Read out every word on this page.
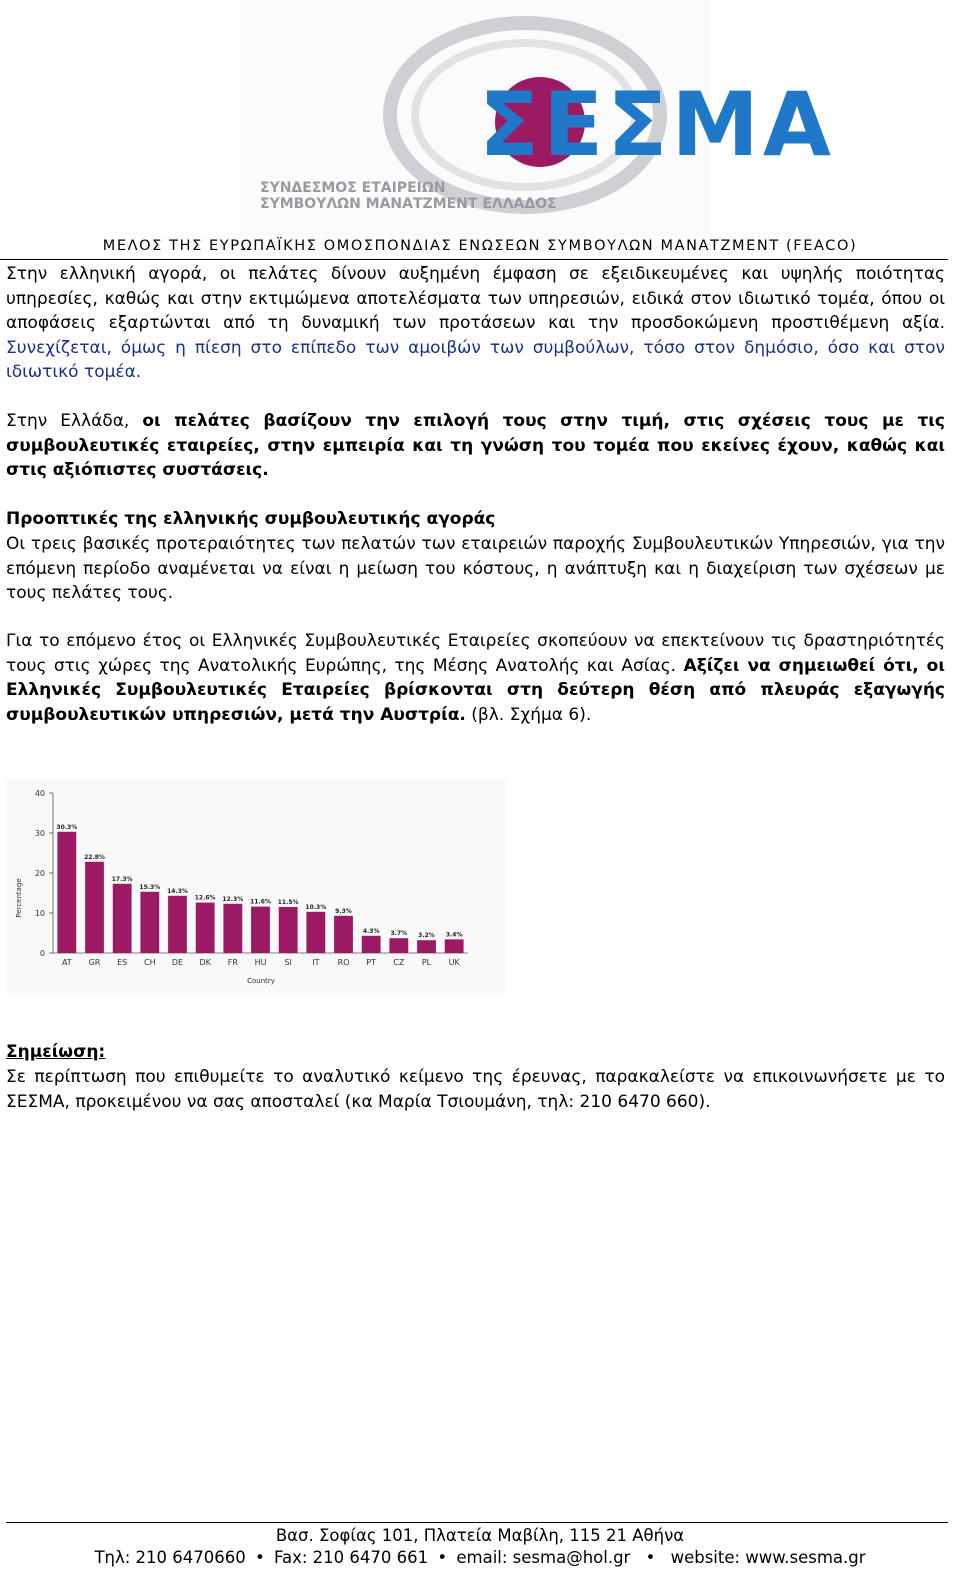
ΣΕΣΜΑ
ΣΥΝΔΕΣΜΟΣ ΕΤΑΙΡΕΙΩΝ
ΣΥΜΒΟΥΛΩΝ ΜΑΝΑΤΖΜΕΝΤ ΕΛΛΑΔΟΣ
ΜΕΛΟΣ ΤΗΣ ΕΥΡΩΠΑΪΚΗΣ ΟΜΟΣΠΟΝΔΙΑΣ ΕΝΩΣΕΩΝ ΣΥΜΒΟΥΛΩΝ ΜΑΝΑΤΖΜΕΝΤ (FEACO)
Στην ελληνική αγορά, οι πελάτες δίνουν αυξημένη έμφαση σε εξειδικευμένες και υψηλής ποιότητας υπηρεσίες, καθώς και στην εκτιμώμενα αποτελέσματα των υπηρεσιών, ειδικά στον ιδιωτικό τομέα, όπου οι αποφάσεις εξαρτώνται από τη δυναμική των προτάσεων και την προσδοκώμενη προστιθέμενη αξία. Συνεχίζεται, όμως η πίεση στο επίπεδο των αμοιβών των συμβούλων, τόσο στον δημόσιο, όσο και στον ιδιωτικό τομέα.
Στην Ελλάδα, οι πελάτες βασίζουν την επιλογή τους στην τιμή, στις σχέσεις τους με τις συμβουλευτικές εταιρείες, στην εμπειρία και τη γνώση του τομέα που εκείνες έχουν, καθώς και στις αξιόπιστες συστάσεις.
Προοπτικές της ελληνικής συμβουλευτικής αγοράς
Οι τρεις βασικές προτεραιότητες των πελατών των εταιρειών παροχής Συμβουλευτικών Υπηρεσιών, για την επόμενη περίοδο αναμένεται να είναι η μείωση του κόστους, η ανάπτυξη και η διαχείριση των σχέσεων με τους πελάτες τους.
Για το επόμενο έτος οι Ελληνικές Συμβουλευτικές Εταιρείες σκοπεύουν να επεκτείνουν τις δραστηριότητές τους στις χώρες της Ανατολικής Ευρώπης, της Μέσης Ανατολής και Ασίας. Αξίζει να σημειωθεί ότι, οι Ελληνικές Συμβουλευτικές Εταιρείες βρίσκονται στη δεύτερη θέση από πλευράς εξαγωγής συμβουλευτικών υπηρεσιών, μετά την Αυστρία. (βλ. Σχήμα 6).
0
10
20
30
40
30.3%
AT
22.8%
GR
17.3%
ES
15.3%
CH
14.3%
DE
12.6%
DK
12.3%
FR
11.6%
HU
11.5%
SI
10.3%
IT
9.3%
RO
4.3%
PT
3.7%
CZ
3.2%
PL
3.4%
UK
Percentage
Country
Σημείωση:
Σε περίπτωση που επιθυμείτε το αναλυτικό κείμενο της έρευνας, παρακαλείστε να επικοινωνήσετε με το ΣΕΣΜΑ, προκειμένου να σας αποσταλεί (κα Μαρία Τσιουμάνη, τηλ: 210 6470 660).
Βασ. Σοφίας 101, Πλατεία Μαβίλη, 115 21 Αθήνα
Τηλ: 210 6470660 • Fax: 210 6470 661 • email: sesma@hol.gr • website: www.sesma.gr
